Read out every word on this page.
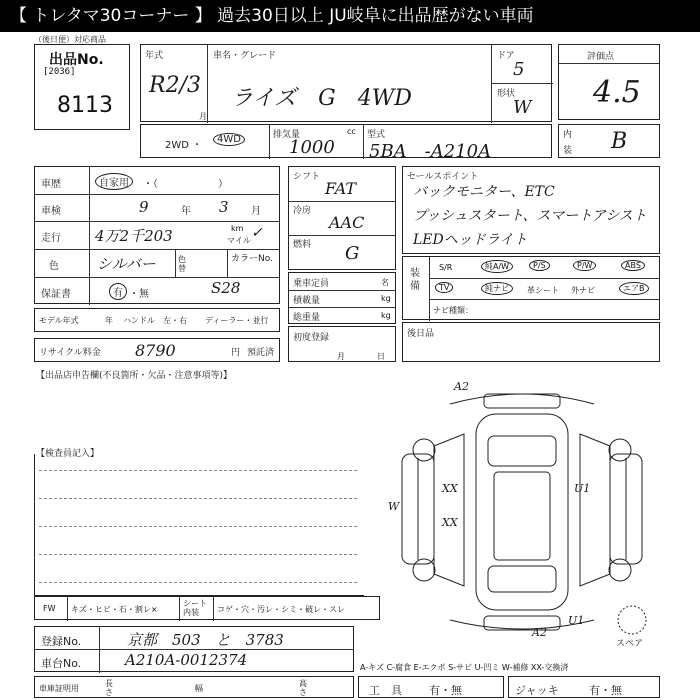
【 トレタマ30コーナー 】 過去30日以上 JU岐阜に出品歴がない車両
（後日便）対応商品
出品No.
[2036]
8113
年式
R2/3
月
車名・グレード
ライズ　G　4WD
ドア
5
形状
W
評価点
4.5
内
装 B
2WD ・
4WD	排気量	cc
1000
型式
5BA　-A210A
車歴	自家用	・（　　　　　　）
車検	9	年 3 月
走行 4万2千203	km
マイル ✓
色	シルバー	色替
カラーNo.
保証書	有 ・無	S28
モデル年式	年 ハンドル　左・右 ディーラー・並行
リサイクル料金 8790	円 預託済
シフト
FAT
冷房
AAC
燃料 G
乗車定員	名
積載量	kg
総重量	kg
初度登録
月	日
セールスポイント
バックモニター、ETC
プッシュスタート、スマートアシスト
LEDヘッドライト
装備
S/R	純A/W	P/S	P/W	ABS
TV	純ナビ	革シート 外ナビ	エアB
ナビ種類：
後日品
【出品店申告欄(不良箇所・欠品・注意事項等)】
【検査員記入】
A2
XX
XX
U1
W
A2
U1
スペア
FW キズ・ヒビ・石・割レ×
シート内装	コゲ・穴・汚レ・シミ・破レ・スレ
登録No.	京都　503　と　3783
車台No.	A210A-0012374	A-キズ C-腐食 E-エクボ S-サビ U-凹ミ W-補修 XX-交換済
車庫証明用
長さ	幅
高さ	工　具 有・無	ジャッキ	有・無
